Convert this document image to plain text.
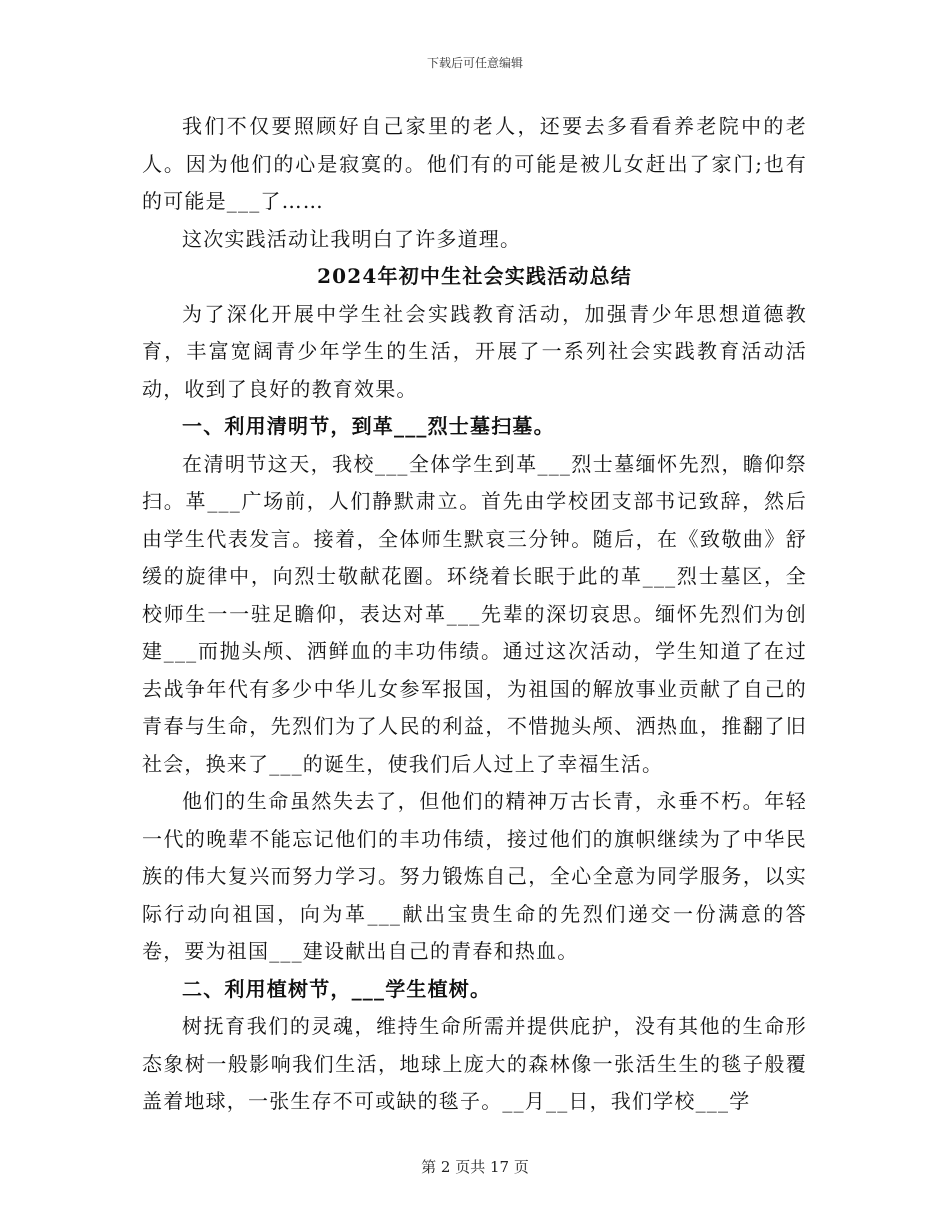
下载后可任意编辑

我们不仅要照顾好自己家里的老人，还要去多看看养老院中的老人。因为他们的心是寂寞的。他们有的可能是被儿女赶出了家门;也有的可能是___了……

这次实践活动让我明白了许多道理。

2024年初中生社会实践活动总结

为了深化开展中学生社会实践教育活动，加强青少年思想道德教育，丰富宽阔青少年学生的生活，开展了一系列社会实践教育活动活动，收到了良好的教育效果。

一、利用清明节，到革___烈士墓扫墓。

在清明节这天，我校___全体学生到革___烈士墓缅怀先烈，瞻仰祭扫。革___广场前，人们静默肃立。首先由学校团支部书记致辞，然后由学生代表发言。接着，全体师生默哀三分钟。随后，在《致敬曲》舒缓的旋律中，向烈士敬献花圈。环绕着长眠于此的革___烈士墓区，全校师生一一驻足瞻仰，表达对革___先辈的深切哀思。缅怀先烈们为创建___而抛头颅、洒鲜血的丰功伟绩。通过这次活动，学生知道了在过去战争年代有多少中华儿女参军报国，为祖国的解放事业贡献了自己的青春与生命，先烈们为了人民的利益，不惜抛头颅、洒热血，推翻了旧社会，换来了___的诞生，使我们后人过上了幸福生活。

他们的生命虽然失去了，但他们的精神万古长青，永垂不朽。年轻一代的晚辈不能忘记他们的丰功伟绩，接过他们的旗帜继续为了中华民族的伟大复兴而努力学习。努力锻炼自己，全心全意为同学服务，以实际行动向祖国，向为革___献出宝贵生命的先烈们递交一份满意的答卷，要为祖国___建设献出自己的青春和热血。

二、利用植树节，___学生植树。

树抚育我们的灵魂，维持生命所需并提供庇护，没有其他的生命形态象树一般影响我们生活，地球上庞大的森林像一张活生生的毯子般覆盖着地球，一张生存不可或缺的毯子。__月__日，我们学校___学

第 2 页共 17 页
